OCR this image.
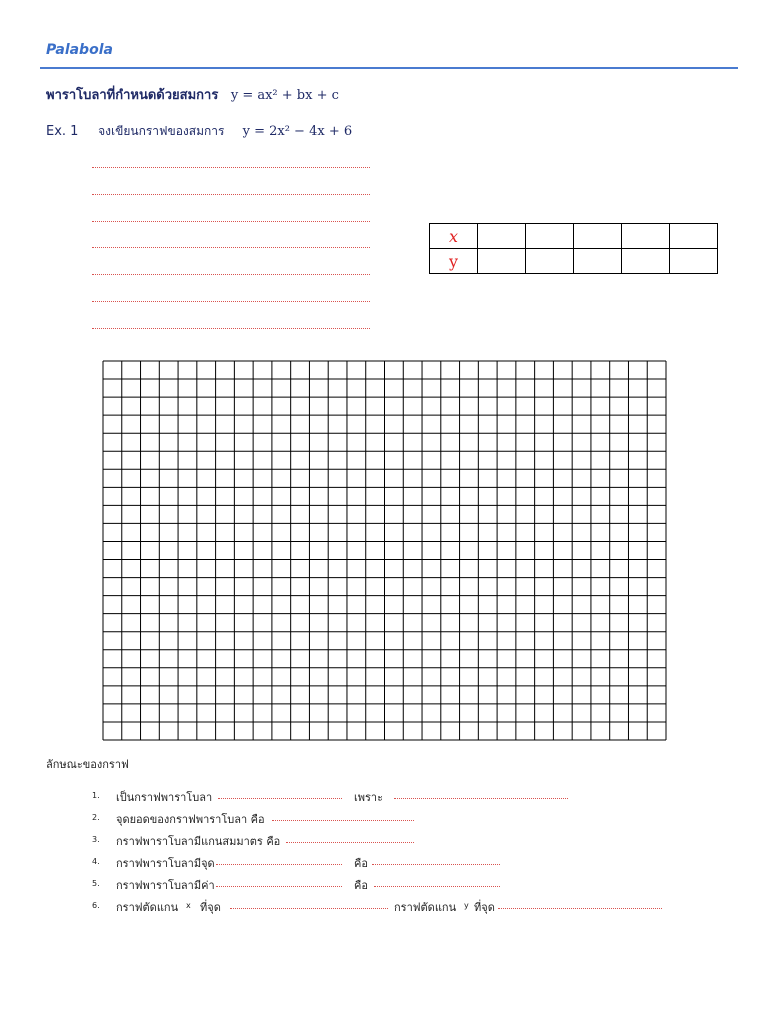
Palabola
พาราโบลาที่กำหนดด้วยสมการ y = ax² + bx + c
Ex. 1 จงเขียนกราฟของสมการ y = 2x² − 4x + 6
𝑥					
y					
ลักษณะของกราฟ
1. เป็นกราฟพาราโบลา	เพราะ
2. จุดยอดของกราฟพาราโบลา คือ
3. กราฟพาราโบลามีแกนสมมาตร คือ
4. กราฟพาราโบลามีจุด	คือ
5. กราฟพาราโบลามีค่า	คือ
6. กราฟตัดแกน x ที่จุด	กราฟตัดแกน y ที่จุด
